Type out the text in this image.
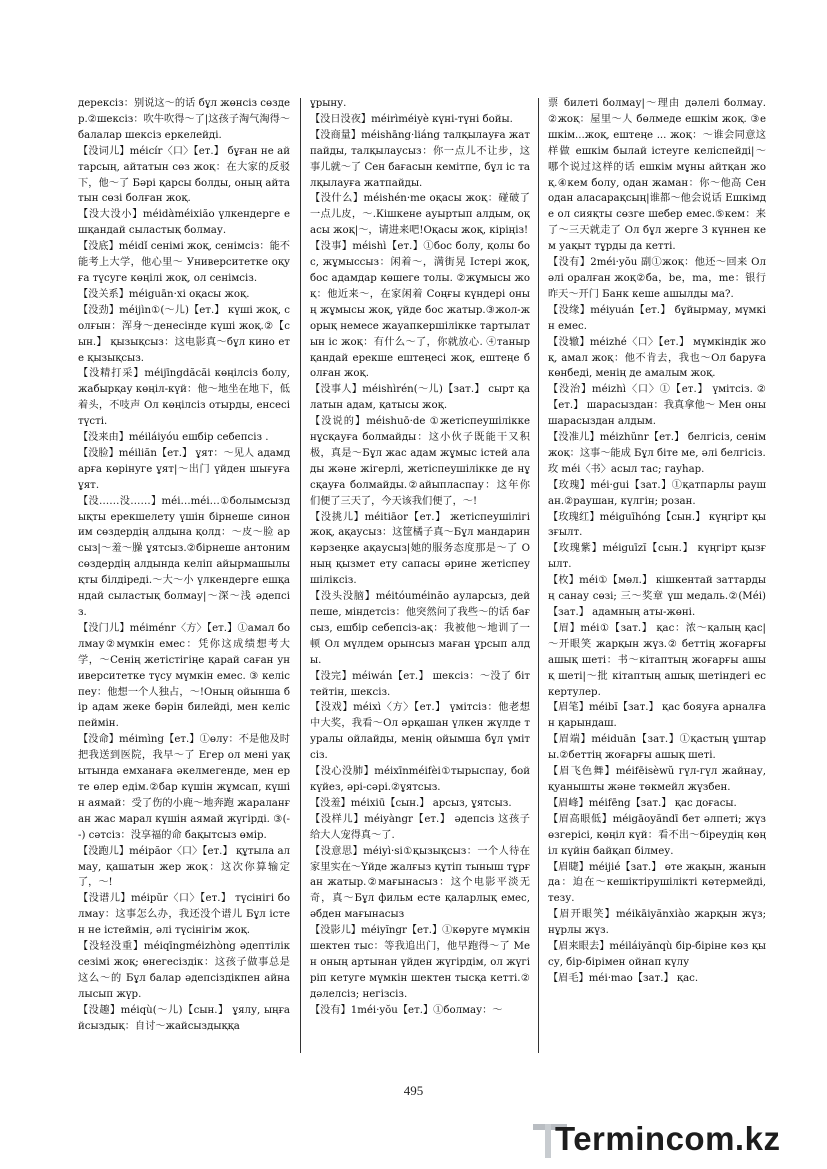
дерексіз：别说这～的话 бұл жөнсіз сөздер.②шексіз：吹牛吹得～了|这孩子淘气淘得～ балалар шексіз еркелейді.

【没词儿】méicír〈口〉【ет.】 бұған не айтарсың, айтатын сөз жоқ：在大家的反驳下，他～了 Бәрі қарсы болды, оның айтатын сөзі болған жоқ.

【没大没小】méidàméixiăo үлкендерге ешқандай сыластық болмау.

【没底】méidǐ сенімі жоқ, сенімсіз：能不能考上大学，他心里～ Университетке оқуға түсуге көңілі жоқ, ол сенімсіз.

【没关系】méiguān·xi оқасы жоқ.

【没劲】méijìn①(～儿)【ет.】 күші жоқ, солғын：浑身～денесінде күші жоқ.②【сын.】 қызықсыз：这电影真～бұл кино ете қызықсыз.

【没精打采】méijīngdăcăi көңілсіз болу, жабырқау көңіл-күй：他～地坐在地下，低着头，不吱声 Ол көңілсіз отырды, енсесі түсті.

【没来由】méiláiyóu ешбір себепсіз .

【没脸】méiliăn【ет.】 ұят：～见人 адамдарға көрінуге ұят|～出门 үйден шығуға ұят.

【没……没……】méi…méi…①болымсыздықты ерекшелету үшін бірнеше синоним сөздердің алдына қолд：～皮～脸 арсыз|～羞～臊 ұятсыз.②бірнеше антоним сөздердің алдында келіп айырмашылықты білдіреді.～大～小 үлкендерге ешқандай сыластық болмау|～深～浅 әдепсіз.

【没门儿】méiménr〈方〉【ет.】①амал болмау②мүмкін емес：凭你这成绩想考大学，～Сенің жетістігіңе қарай саған университетке түсу мүмкін емес. ③ келіспеу：他想一个人独占，～!Оның ойынша бір адам жеке бәрін билейді, мен келіспеймін.

【没命】méimìng【ет.】①өлу：不是他及时把我送到医院，我早～了 Егер ол мені уақытында емханаға әкелмегенде, мен ерте өлер едім.②бар күшін жұмсап, күшін аямай：受了伤的小鹿～地奔跑 жараланған жас марал күшін аямай жүгірді. ③(--) сәтсіз：没享福的命 бақытсыз өмір.

【没跑儿】méipăor〈口〉【ет.】 құтыла алмау, қашатын жер жоқ：这次你算输定了，～!

【没谱儿】méipŭr〈口〉【ет.】 түсінігі болмау：这事怎么办，我还没个谱儿 Бұл істен не істеймін, әлі түсінігім жоқ.

【没轻没重】méiqīngméizhòng әдептілік сезімі жоқ; өнегесіздік：这孩子做事总是这么～的 Бұл балар әдепсіздікпен айналысып жүр.

【没趣】méiqù(～儿)【сын.】 ұялу, ыңғайсыздық：自讨～жайсыздыққа

ұрыну.

【没日没夜】méirìméiyè күні-түні бойы.

【没商量】méishāng·liáng талқылауға жатпайды, талқылаусыз：你一点儿不让步，这事儿就～了 Сен бағасын кемітпе, бұл іс талқылауға жатпайды.

【没什么】méishén·me оқасы жоқ：碰破了一点儿皮，～.Кішкене ауыртып алдым, оқасы жоқ|～，请进来吧!Оқасы жоқ, кіріңіз!

【没事】méishì【ет.】①бос болу, қолы бос, жұмыссыз：闲着～，满街晃 Істері жоқ, бос адамдар көшеге толы. ②жұмысы жоқ：他近来～，在家闲着 Соңғы күндері оның жұмысы жоқ, үйде бос жатыр.③жол-жорық немесе жауапкершілікке тартылатын іс жоқ：有什么～了，你就放心. ④таныр қандай ерекше ештеңесі жоқ, ештеңе болған жоқ.

【没事人】méishìrén(～儿)【зат.】 сырт қалатын адам, қатысы жоқ.

【没说的】méishuō·de ①жетіспеушілікке нұсқауға болмайды：这小伙子既能干又积极，真是～Бұл жас адам жұмыс істей алады және жігерлі, жетіспеушілікке де нұсқауға болмайды.②айыпласпау：这年你们便了三天了，今天该我们便了，～!

【没挑儿】méitiāor【ет.】 жетіспеушілігі жоқ, ақаусыз：这筐橘子真～Бұл мандарин кәрзеңке ақаусыз|她的服务态度那是～了 Оның қызмет ету сапасы әрине жетіспеушіліксіз.

【没头没脑】méitóuméinăo ауларсыз, дей пеше, міндетсіз：他突然问了我些～的话 бағсыз, ешбір себепсіз-ақ：我被他～地训了一顿 Ол мүлдем орынсыз маған ұрсып алды.

【没完】méiwán【ет.】 шексіз：～没了 біттейтін, шексіз.

【没戏】méixì〈方〉【ет.】 үмітсіз：他老想中大奖，我看～Ол әрқашан үлкен жүлде туралы ойлайды, менің ойымша бұл үмітсіз.

【没心没肺】méixīnméifèi①тырыспау, бойкүйез, әрі-сәрі.②ұятсыз.

【没羞】méixiū【сын.】 арсыз, ұятсыз.

【没样儿】méiyàngr【ет.】 әдепсіз 这孩子给大人宠得真～了.

【没意思】méiyì·si①қызықсыз：一个人待在家里实在～Үйде жалғыз құтіп тыныш тұрған жатыр.②мағынасыз：这个电影平淡无奇，真～Бұл фильм есте қаларлық емес, әбден мағынасыз

【没影儿】méiyĭngr【ет.】①көруге мүмкін шектен тыс：等我追出门，他早跑得～了 Мен оның артынан үйден жүгірдім, ол жүгіріп кетуге мүмкін шектен тысқа кетті.②дәлелсіз; негізсіз.

【没有】1méi·yŏu【ет.】①болмау：～

票 билеті болмау|～理由 дәлелі болмау. ②жоқ：屋里～人 бөлмеде ешкім жоқ. ③ешкім...жоқ, ештеңе ... жоқ：～谁会同意这样做 ешкім былай істеуге келіспейді|～哪个说过这样的话 ешкім мұны айтқан жоқ.④кем болу, одан жаман：你～他高 Сен одан аласарақсың|谁都～他会说话 Ешкімде ол сияқты сөзге шебер емес.⑤кем：来了～三天就走了 Ол бұл жерге 3 күннен кем уақыт тұрды да кетті.

【没有】2méi·yŏu 副①жоқ：他还～回来 Ол әлі оралған жоқ②бa，be，ma，me：银行昨天～开门 Банк кеше ашылды ма?.

【没缘】méiyuán【ет.】 бұйырмау, мүмкін емес.

【没辙】méizhé〈口〉【ет.】 мүмкіндік жоқ, амал жоқ：他不肯去，我也～Ол баруға көнбеді, менің де амалым жоқ.

【没治】méizhì〈口〉①【ет.】 үмітсіз. ②【ет.】 шарасыздан：我真拿他～ Мен оны шарасыздан алдым.

【没准儿】méizhŭnr【ет.】 белгісіз, сенім жоқ：这事～能成 Бұл біте ме, әлі белгісіз.

玫 méi〈书〉асыл тас; гауһар.

【玫瑰】méi·gui【зат.】①қатпарлы раушан.②раушан, күлгін; розан.

【玫瑰红】méiguīhóng【сын.】 күңгірт қызғылт.

【玫瑰紫】méiguīzĭ【сын.】 күңгірт қызғылт.

【枚】méi①【мөл.】 кішкентай заттардың санау сөзі; 三～奖章 үш медаль.②(Méi)【зат.】 адамның аты-жөні.

【眉】méi①【зат.】 қас：浓～қалың қас|～开眼笑 жарқын жүз.② беттің жоғарғы ашық шеті：书～кітаптың жоғарғы ашық шеті|～批 кітаптың ашық шетіндегі ескертулер.

【眉笔】méibĭ【зат.】 қас бояуға арналған қарындаш.

【眉端】méiduān【зат.】①қастың ұштары.②беттің жоғарғы ашық шеті.

【眉飞色舞】méifēisèwŭ гүл-гүл жайнау, қуанышты және төкмейл жүзбен.

【眉峰】méifēng【зат.】 қас доғасы.

【眉高眼低】méigāoyăndī бет әлпеті; жүз өзгерісі, көңіл күй：看不出～біреудің көңіл күйін байқап білмеу.

【眉睫】méijié【зат.】 өте жақын, жанында：迫在～кешіктірушілікті көтермейді, тезу.

【眉开眼笑】méikāiyănxiào жарқын жүз; нұрлы жүз.

【眉来眼去】méiláiyănqù бір-біріне көз қысу, бір-бірімен ойнап күлу

【眉毛】méi·mao【зат.】 қас.

495
Termincom.kz
